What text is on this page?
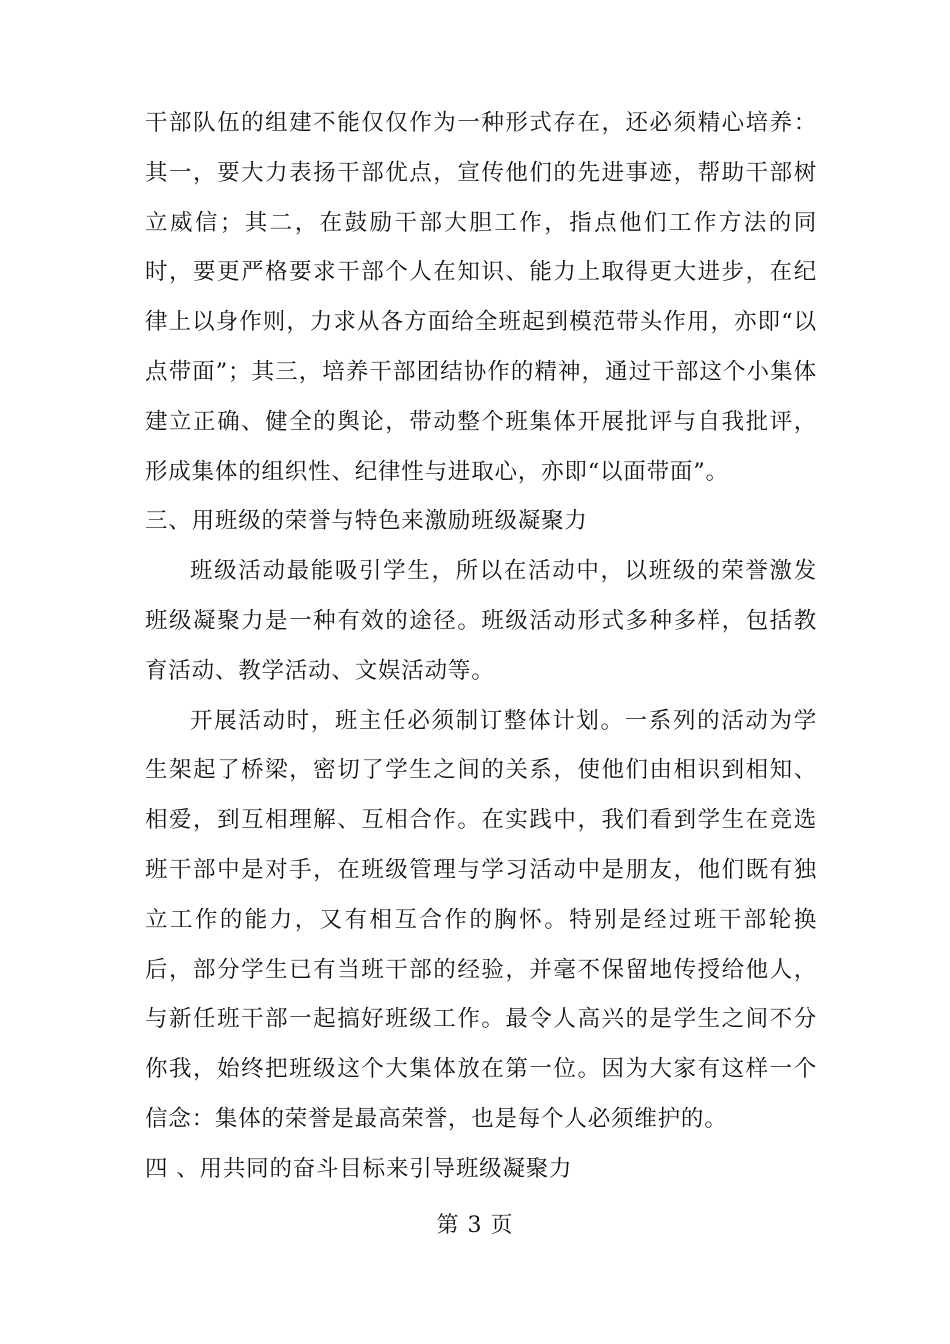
干部队伍的组建不能仅仅作为一种形式存在，还必须精心培养：其一，要大力表扬干部优点，宣传他们的先进事迹，帮助干部树立威信；其二，在鼓励干部大胆工作，指点他们工作方法的同时，要更严格要求干部个人在知识、能力上取得更大进步，在纪律上以身作则，力求从各方面给全班起到模范带头作用，亦即“以点带面”；其三，培养干部团结协作的精神，通过干部这个小集体建立正确、健全的舆论，带动整个班集体开展批评与自我批评，形成集体的组织性、纪律性与进取心，亦即“以面带面”。

三、用班级的荣誉与特色来激励班级凝聚力

班级活动最能吸引学生，所以在活动中，以班级的荣誉激发班级凝聚力是一种有效的途径。班级活动形式多种多样，包括教育活动、教学活动、文娱活动等。

开展活动时，班主任必须制订整体计划。一系列的活动为学生架起了桥梁，密切了学生之间的关系，使他们由相识到相知、相爱，到互相理解、互相合作。在实践中，我们看到学生在竞选班干部中是对手，在班级管理与学习活动中是朋友，他们既有独立工作的能力，又有相互合作的胸怀。特别是经过班干部轮换后，部分学生已有当班干部的经验，并毫不保留地传授给他人，与新任班干部一起搞好班级工作。最令人高兴的是学生之间不分你我，始终把班级这个大集体放在第一位。因为大家有这样一个信念：集体的荣誉是最高荣誉，也是每个人必须维护的。

四 、用共同的奋斗目标来引导班级凝聚力

第 3 页
